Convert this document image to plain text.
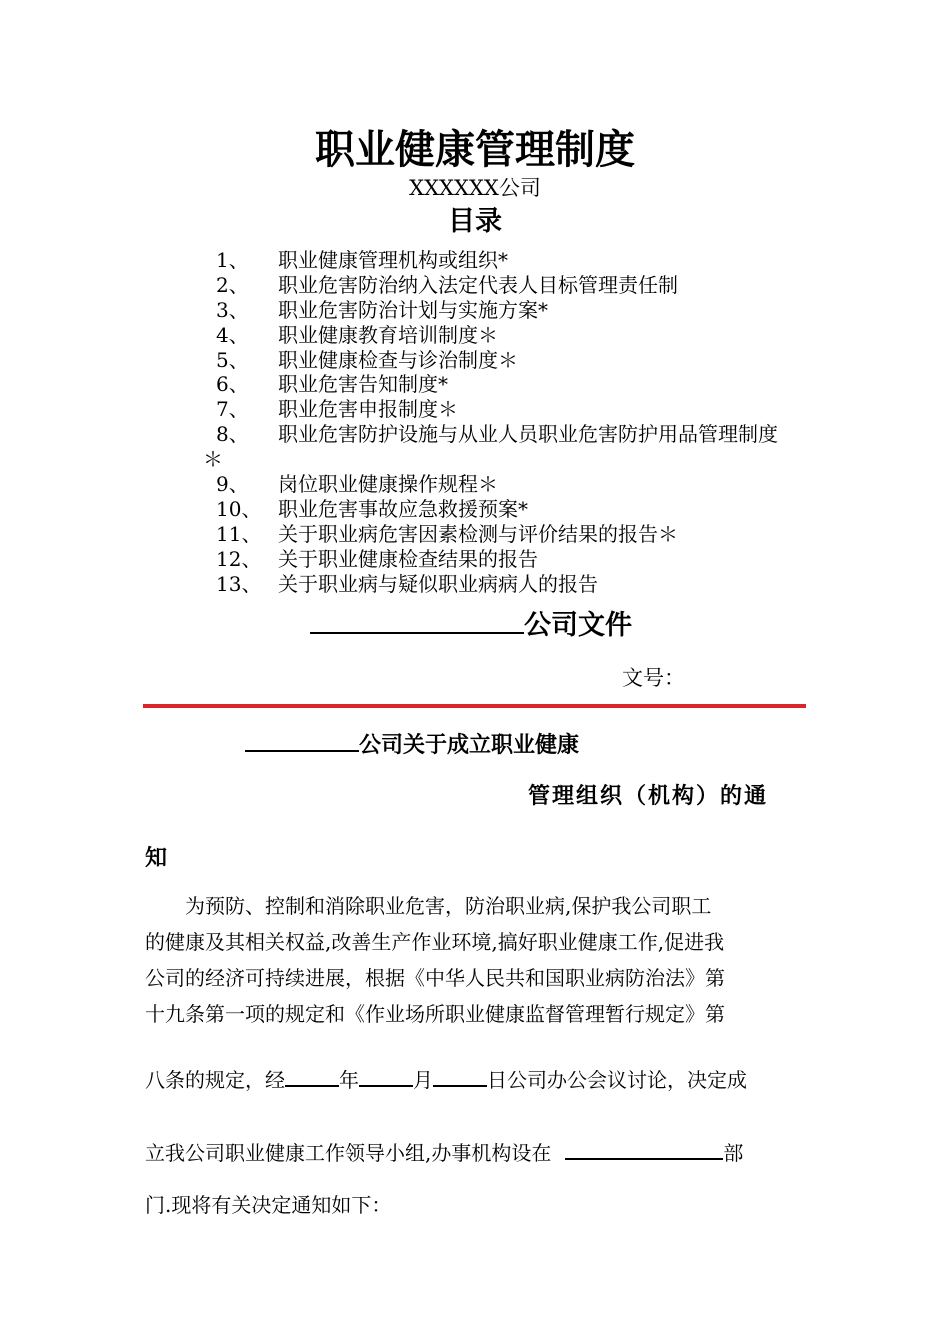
职业健康管理制度
XXXXXX公司
目录
1、 职业健康管理机构或组织*
2、 职业危害防治纳入法定代表人目标管理责任制
3、 职业危害防治计划与实施方案*
4、 职业健康教育培训制度＊
5、 职业健康检查与诊治制度＊
6、 职业危害告知制度*
7、 职业危害申报制度＊
8、 职业危害防护设施与从业人员职业危害防护用品管理制度
＊
9、 岗位职业健康操作规程＊
10、 职业危害事故应急救援预案*
11、 关于职业病危害因素检测与评价结果的报告＊
12、 关于职业健康检查结果的报告
13、 关于职业病与疑似职业病病人的报告
公司文件
文号：
公司关于成立职业健康
管理组织（机构）的通
知
　　为预防、控制和消除职业危害，防治职业病,保护我公司职工
的健康及其相关权益,改善生产作业环境,搞好职业健康工作,促进我
公司的经济可持续进展，根据《中华人民共和国职业病防治法》第
十九条第一项的规定和《作业场所职业健康监督管理暂行规定》第
八条的规定，经	年	月	日公司办公会议讨论，决定成
立我公司职业健康工作领导小组,办事机构设在	部
门.现将有关决定通知如下：
